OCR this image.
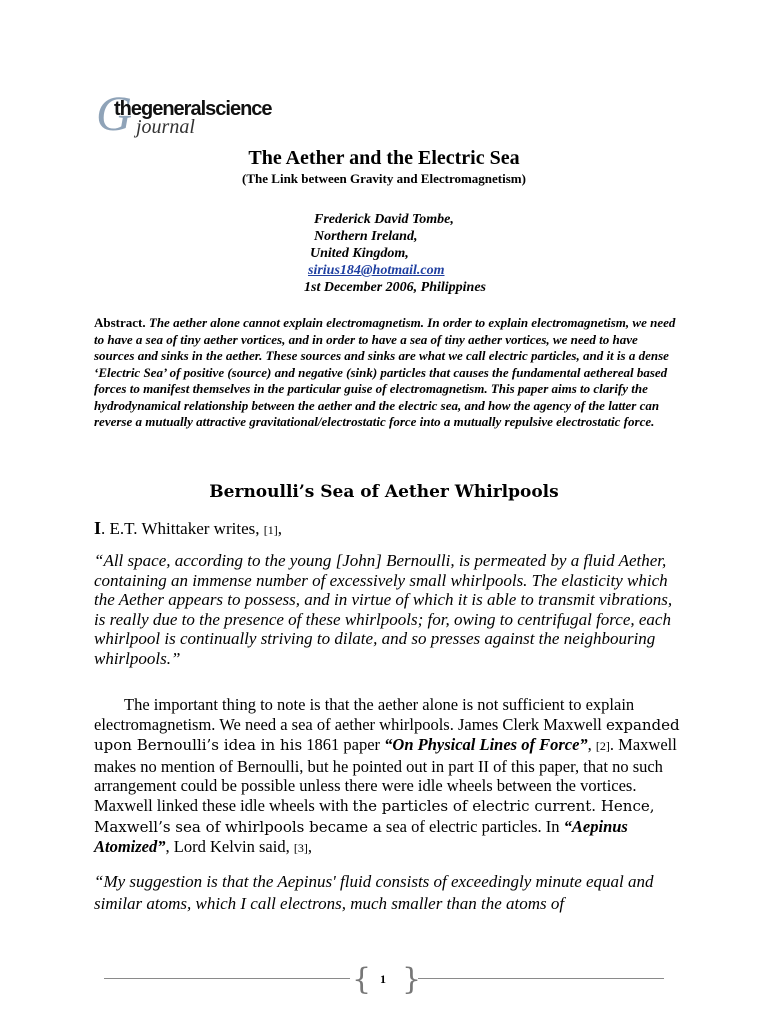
G
thegeneralscience
journal
The Aether and the Electric Sea
(The Link between Gravity and Electromagnetism)
Frederick David Tombe,
Northern Ireland,
United Kingdom,
sirius184@hotmail.com
1st December 2006, Philippines
Abstract. The aether alone cannot explain electromagnetism. In order to explain electromagnetism, we need to have a sea of tiny aether vortices, and in order to have a sea of tiny aether vortices, we need to have sources and sinks in the aether. These sources and sinks are what we call electric particles, and it is a dense ‘Electric Sea’ of positive (source) and negative (sink) particles that causes the fundamental aethereal based forces to manifest themselves in the particular guise of electromagnetism. This paper aims to clarify the hydrodynamical relationship between the aether and the electric sea, and how the agency of the latter can reverse a mutually attractive gravitational/electrostatic force into a mutually repulsive electrostatic force.
Bernoulli’s Sea of Aether Whirlpools
I. E.T. Whittaker writes, [1],
“All space, according to the young [John] Bernoulli, is permeated by a fluid Aether, containing an immense number of excessively small whirlpools. The elasticity which the Aether appears to possess, and in virtue of which it is able to transmit vibrations, is really due to the presence of these whirlpools; for, owing to centrifugal force, each whirlpool is continually striving to dilate, and so presses against the neighbouring whirlpools.”
The important thing to note is that the aether alone is not sufficient to explain electromagnetism. We need a sea of aether whirlpools. James Clerk Maxwell expanded upon Bernoulli’s idea in his 1861 paper “On Physical Lines of Force”, [2]. Maxwell makes no mention of Bernoulli, but he pointed out in part II of this paper, that no such arrangement could be possible unless there were idle wheels between the vortices. Maxwell linked these idle wheels with the particles of electric current. Hence, Maxwell’s sea of whirlpools became a sea of electric particles. In “Aepinus Atomized”, Lord Kelvin said, [3],
“My suggestion is that the Aepinus' fluid consists of exceedingly minute equal and similar atoms, which I call electrons, much smaller than the atoms of
{ }
1
